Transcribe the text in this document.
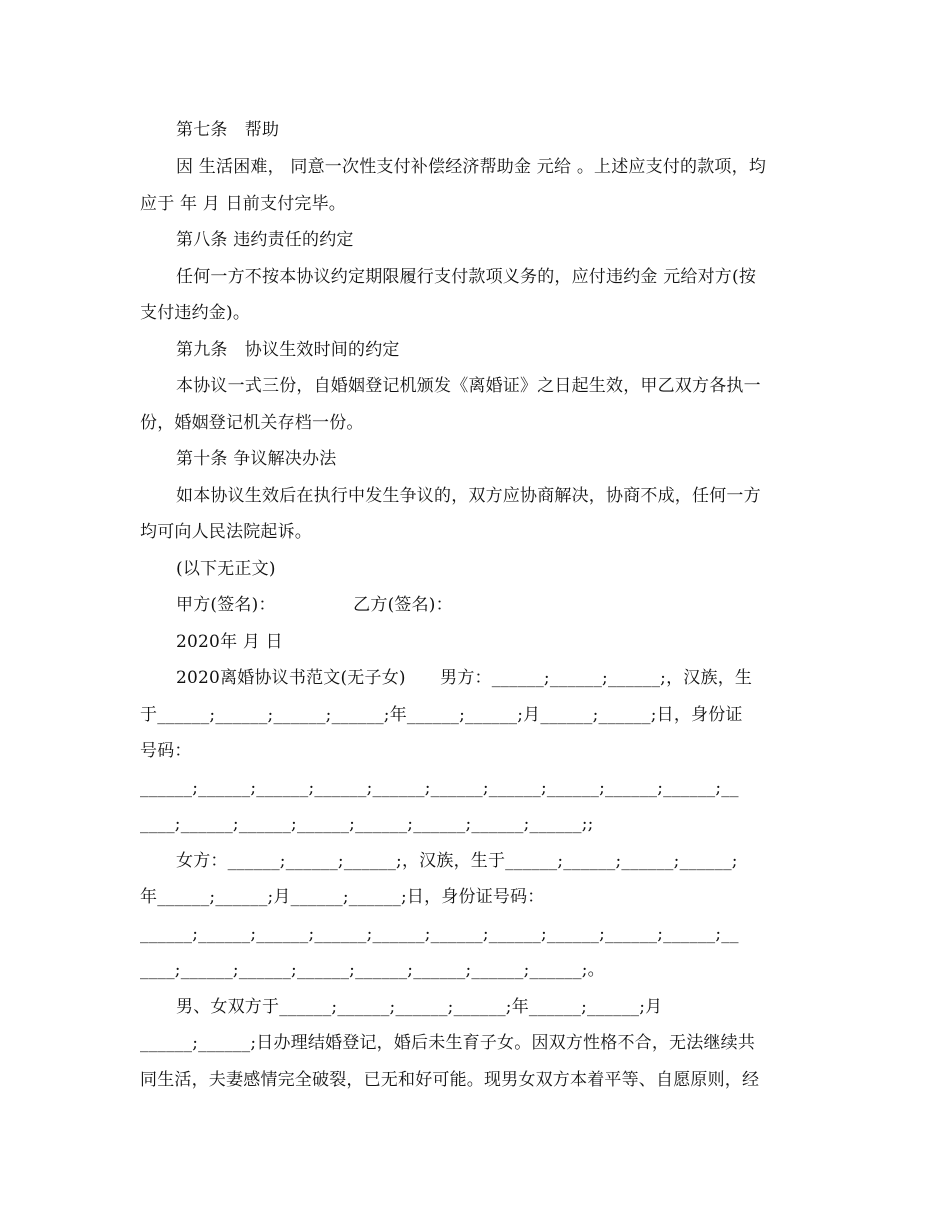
第七条　帮助
因 生活困难， 同意一次性支付补偿经济帮助金 元给 。上述应支付的款项，均
应于 年 月 日前支付完毕。
第八条 违约责任的约定
任何一方不按本协议约定期限履行支付款项义务的，应付违约金 元给对方(按
支付违约金)。
第九条　协议生效时间的约定
本协议一式三份，自婚姻登记机颁发《离婚证》之日起生效，甲乙双方各执一
份，婚姻登记机关存档一份。
第十条 争议解决办法
如本协议生效后在执行中发生争议的，双方应协商解决，协商不成，任何一方
均可向人民法院起诉。
(以下无正文)
甲方(签名)：　　　　　乙方(签名)：
2020年 月 日
2020离婚协议书范文(无子女)　　男方：______;______;______;，汉族，生
于______;______;______;______;年______;______;月______;______;日，身份证
号码：
______;______;______;______;______;______;______;______;______;______;__
____;______;______;______;______;______;______;______;;
女方：______;______;______;，汉族，生于______;______;______;______;
年______;______;月______;______;日，身份证号码：
______;______;______;______;______;______;______;______;______;______;__
____;______;______;______;______;______;______;______;。
男、女双方于______;______;______;______;年______;______;月
______;______;日办理结婚登记，婚后未生育子女。因双方性格不合，无法继续共
同生活，夫妻感情完全破裂，已无和好可能。现男女双方本着平等、自愿原则，经
